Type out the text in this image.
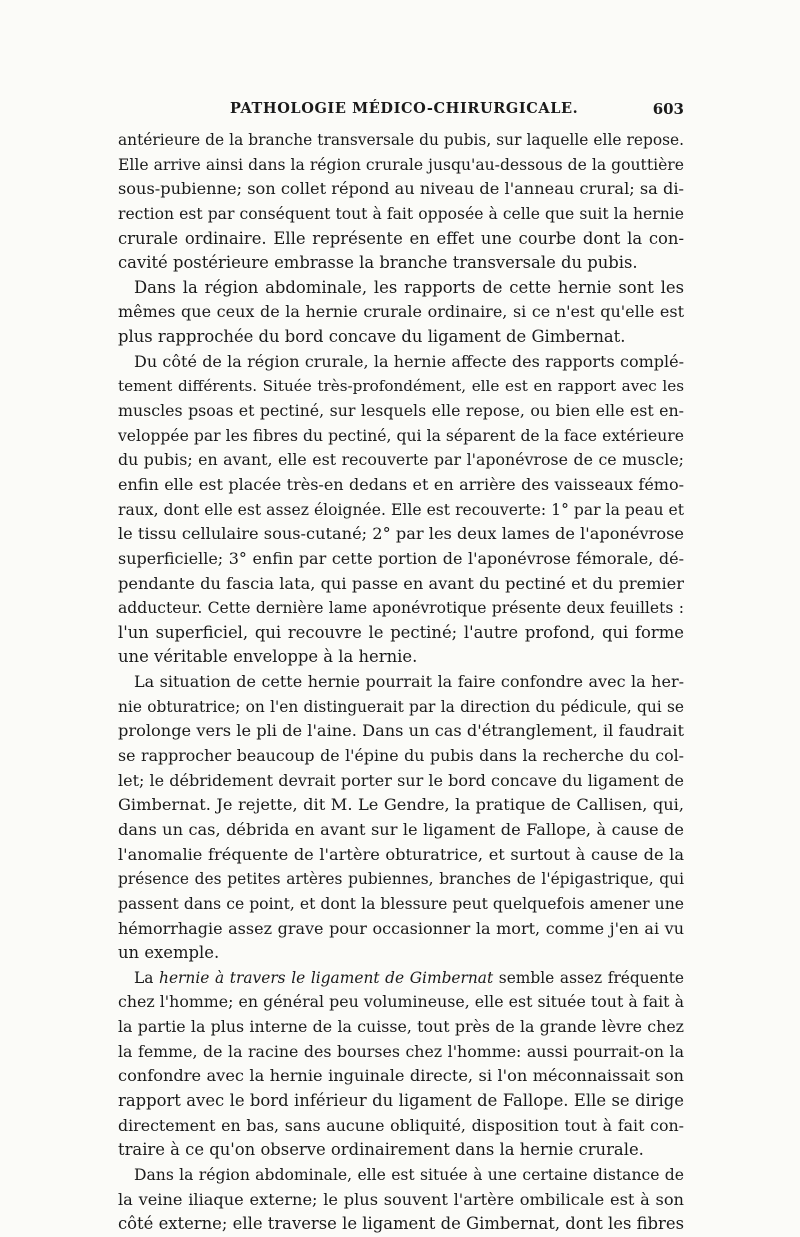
PATHOLOGIE MÉDICO-CHIRURGICALE.	603
antérieure de la branche transversale du pubis, sur laquelle elle repose.
Elle arrive ainsi dans la région crurale jusqu'au-dessous de la gouttière
sous-pubienne; son collet répond au niveau de l'anneau crural; sa di-
rection est par conséquent tout à fait opposée à celle que suit la hernie
crurale ordinaire. Elle représente en effet une courbe dont la con-
cavité postérieure embrasse la branche transversale du pubis.
Dans la région abdominale, les rapports de cette hernie sont les
mêmes que ceux de la hernie crurale ordinaire, si ce n'est qu'elle est
plus rapprochée du bord concave du ligament de Gimbernat.
Du côté de la région crurale, la hernie affecte des rapports complé-
tement différents. Située très-profondément, elle est en rapport avec les
muscles psoas et pectiné, sur lesquels elle repose, ou bien elle est en-
veloppée par les fibres du pectiné, qui la séparent de la face extérieure
du pubis; en avant, elle est recouverte par l'aponévrose de ce muscle;
enfin elle est placée très-en dedans et en arrière des vaisseaux fémo-
raux, dont elle est assez éloignée. Elle est recouverte: 1° par la peau et
le tissu cellulaire sous-cutané; 2° par les deux lames de l'aponévrose
superficielle; 3° enfin par cette portion de l'aponévrose fémorale, dé-
pendante du fascia lata, qui passe en avant du pectiné et du premier
adducteur. Cette dernière lame aponévrotique présente deux feuillets :
l'un superficiel, qui recouvre le pectiné; l'autre profond, qui forme
une véritable enveloppe à la hernie.
La situation de cette hernie pourrait la faire confondre avec la her-
nie obturatrice; on l'en distinguerait par la direction du pédicule, qui se
prolonge vers le pli de l'aine. Dans un cas d'étranglement, il faudrait
se rapprocher beaucoup de l'épine du pubis dans la recherche du col-
let; le débridement devrait porter sur le bord concave du ligament de
Gimbernat. Je rejette, dit M. Le Gendre, la pratique de Callisen, qui,
dans un cas, débrida en avant sur le ligament de Fallope, à cause de
l'anomalie fréquente de l'artère obturatrice, et surtout à cause de la
présence des petites artères pubiennes, branches de l'épigastrique, qui
passent dans ce point, et dont la blessure peut quelquefois amener une
hémorrhagie assez grave pour occasionner la mort, comme j'en ai vu
un exemple.
La hernie à travers le ligament de Gimbernat semble assez fréquente
chez l'homme; en général peu volumineuse, elle est située tout à fait à
la partie la plus interne de la cuisse, tout près de la grande lèvre chez
la femme, de la racine des bourses chez l'homme: aussi pourrait-on la
confondre avec la hernie inguinale directe, si l'on méconnaissait son
rapport avec le bord inférieur du ligament de Fallope. Elle se dirige
directement en bas, sans aucune obliquité, disposition tout à fait con-
traire à ce qu'on observe ordinairement dans la hernie crurale.
Dans la région abdominale, elle est située à une certaine distance de
la veine iliaque externe; le plus souvent l'artère ombilicale est à son
côté externe; elle traverse le ligament de Gimbernat, dont les fibres
